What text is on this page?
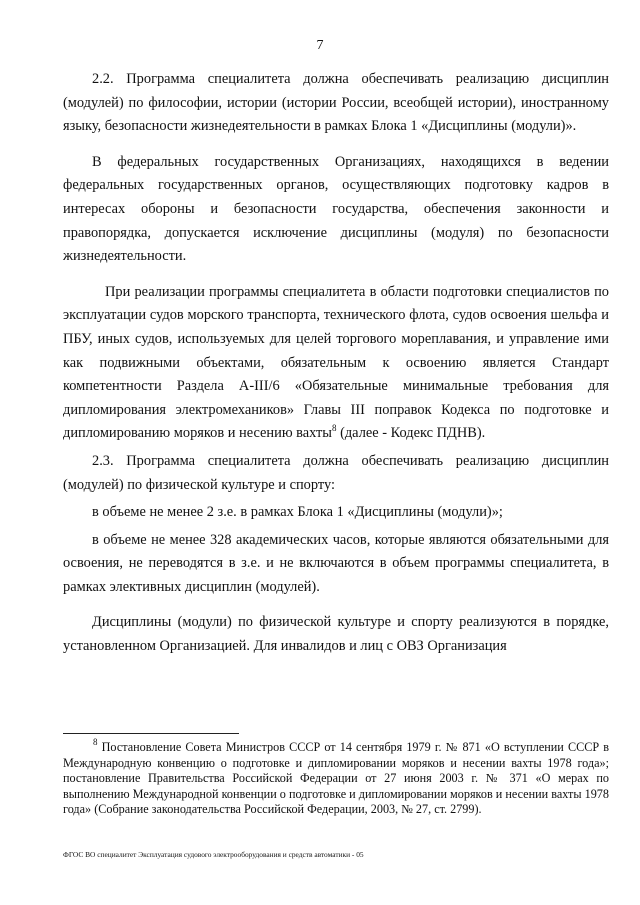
7

2.2. Программа специалитета должна обеспечивать реализацию дисциплин (модулей) по философии, истории (истории России, всеобщей истории), иностранному языку, безопасности жизнедеятельности в рамках Блока 1 «Дисциплины (модули)».

В федеральных государственных Организациях, находящихся в ведении федеральных государственных органов, осуществляющих подготовку кадров в интересах обороны и безопасности государства, обеспечения законности и правопорядка, допускается исключение дисциплины (модуля) по безопасности жизнедеятельности.

При реализации программы специалитета в области подготовки специалистов по эксплуатации судов морского транспорта, технического флота, судов освоения шельфа и ПБУ, иных судов, используемых для целей торгового мореплавания, и управление ими как подвижными объектами, обязательным к освоению является Стандарт компетентности Раздела А-III/6 «Обязательные минимальные требования для дипломирования электромехаников» Главы III поправок Кодекса по подготовке и дипломированию моряков и несению вахты$^8$ (далее - Кодекс ПДНВ).

2.3. Программа специалитета должна обеспечивать реализацию дисциплин (модулей) по физической культуре и спорту:

в объеме не менее 2 з.е. в рамках Блока 1 «Дисциплины (модули)»;

в объеме не менее 328 академических часов, которые являются обязательными для освоения, не переводятся в з.е. и не включаются в объем программы специалитета, в рамках элективных дисциплин (модулей).

Дисциплины (модули) по физической культуре и спорту реализуются в порядке, установленном Организацией. Для инвалидов и лиц с ОВЗ Организация

$^8$ Постановление Совета Министров СССР от 14 сентября 1979 г. № 871 «О вступлении СССР в Международную конвенцию о подготовке и дипломировании моряков и несении вахты 1978 года»; постановление Правительства Российской Федерации от 27 июня 2003 г. № 371 «О мерах по выполнению Международной конвенции о подготовке и дипломировании моряков и несении вахты 1978 года» (Собрание законодательства Российской Федерации, 2003, № 27, ст. 2799).

ФГОС ВО специалитет Эксплуатация судового электрооборудования и средств автоматики - 05
